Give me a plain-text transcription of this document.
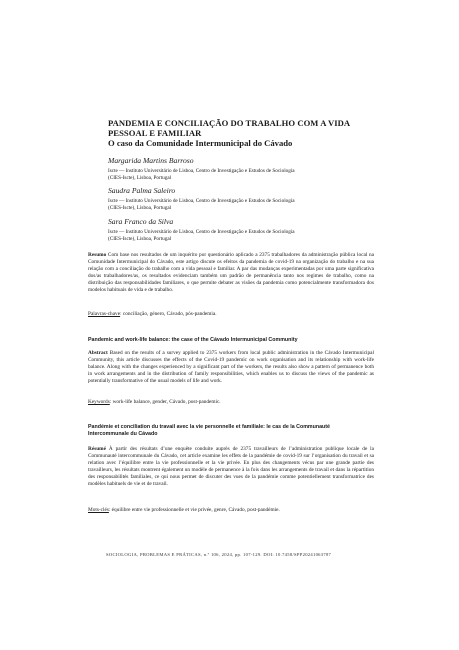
PANDEMIA E CONCILIAÇÃO DO TRABALHO COM A VIDA
PESSOAL E FAMILIAR
O caso da Comunidade Intermunicipal do Cávado
Margarida Martins Barroso
Iscte — Instituto Universitário de Lisboa, Centro de Investigação e Estudos de Sociologia
(CIES-Iscte), Lisboa, Portugal
Saudra Palma Saleiro
Iscte — Instituto Universitário de Lisboa, Centro de Investigação e Estudos de Sociologia
(CIES-Iscte), Lisboa, Portugal
Sara Franco da Silva
Iscte — Instituto Universitário de Lisboa, Centro de Investigação e Estudos de Sociologia
(CIES-Iscte), Lisboa, Portugal
Resumo Com base nos resultados de um inquérito por questionário aplicado a 2375 trabalhadores da administração pública local na Comunidade Intermunicipal do Cávado, este artigo discute os efeitos da pandemia de covid-19 na organização do trabalho e na sua relação com a conciliação do trabalho com a vida pessoal e familiar. A par das mudanças experimentadas por uma parte significativa dos/as trabalhadores/as, os resultados evidenciam também um padrão de permanência tanto nos regimes de trabalho, como na distribuição das responsabilidades familiares, o que permite debater as visões da pandemia como potencialmente transformadora dos modelos habituais de vida e de trabalho.
Palavras-chave: conciliação, género, Cávado, pós-pandemia.
Pandemic and work-life balance: the case of the Cávado Intermunicipal Community
Abstract Based on the results of a survey applied to 2375 workers from local public administration in the Cávado Intermunicipal Community, this article discusses the effects of the Covid-19 pandemic on work organisation and its relationship with work-life balance. Along with the changes experienced by a significant part of the workers, the results also show a pattern of permanence both in work arrangements and in the distribution of family responsibilities, which enables us to discuss the views of the pandemic as potentially transformative of the usual models of life and work.
Keywords: work-life balance, gender, Cávado, post-pandemic.
Pandémie et conciliation du travail avec la vie personnelle et familiale: le cas de la Communauté Intercommunale du Cávado
Résumé À partir des résultats d’une enquête conduite auprès de 2375 travailleurs de l’administration publique locale de la Communauté intercommunale du Cávado, cet article examine les effets de la pandémie de covid-19 sur l’organisation du travail et sa relation avec l’équilibre entre la vie professionnelle et la vie privée. En plus des changements vécus par une grande partie des travailleurs, les résultats montrent également un modèle de permanence à la fois dans les arrangements de travail et dans la répartition des responsabilités familiales, ce qui nous permet de discuter des vues de la pandémie comme potentiellement transformatrice des modèles habituels de vie et de travail.
Mots-clés: équilibre entre vie professionnelle et vie privée, genre, Cávado, post-pandémie.
SOCIOLOGIA, PROBLEMAS E PRÁTICAS, n.º 106, 2024, pp. 107-129. DOI: 10.7458/SPP20241063787
